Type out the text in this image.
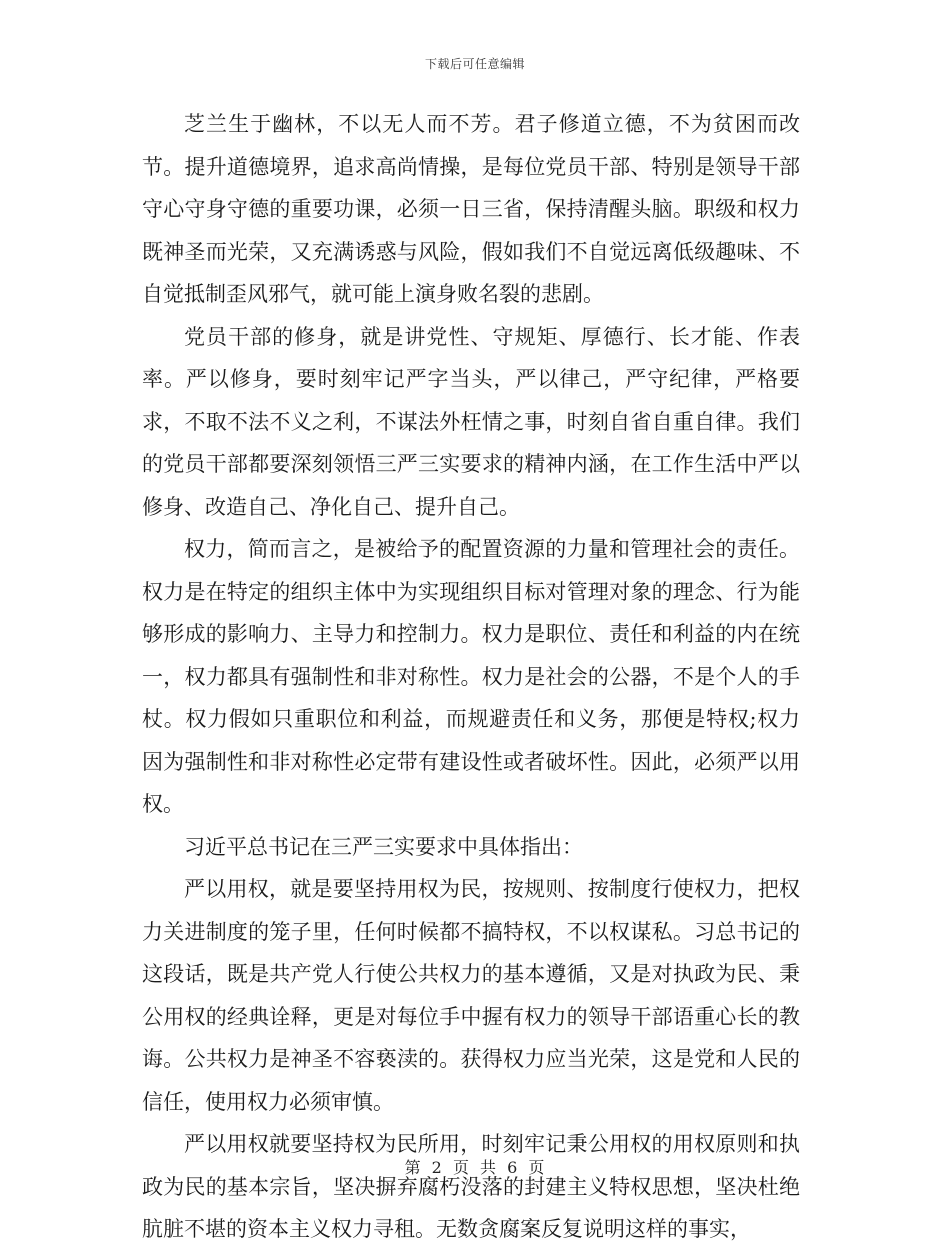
下载后可任意编辑

芝兰生于幽林，不以无人而不芳。君子修道立德，不为贫困而改节。提升道德境界，追求高尚情操，是每位党员干部、特别是领导干部守心守身守德的重要功课，必须一日三省，保持清醒头脑。职级和权力既神圣而光荣，又充满诱惑与风险，假如我们不自觉远离低级趣味、不自觉抵制歪风邪气，就可能上演身败名裂的悲剧。

党员干部的修身，就是讲党性、守规矩、厚德行、长才能、作表率。严以修身，要时刻牢记严字当头，严以律己，严守纪律，严格要求，不取不法不义之利，不谋法外枉情之事，时刻自省自重自律。我们的党员干部都要深刻领悟三严三实要求的精神内涵，在工作生活中严以修身、改造自己、净化自己、提升自己。

权力，简而言之，是被给予的配置资源的力量和管理社会的责任。权力是在特定的组织主体中为实现组织目标对管理对象的理念、行为能够形成的影响力、主导力和控制力。权力是职位、责任和利益的内在统一，权力都具有强制性和非对称性。权力是社会的公器，不是个人的手杖。权力假如只重职位和利益，而规避责任和义务，那便是特权;权力因为强制性和非对称性必定带有建设性或者破坏性。因此，必须严以用权。

习近平总书记在三严三实要求中具体指出：

严以用权，就是要坚持用权为民，按规则、按制度行使权力，把权力关进制度的笼子里，任何时候都不搞特权，不以权谋私。习总书记的这段话，既是共产党人行使公共权力的基本遵循，又是对执政为民、秉公用权的经典诠释，更是对每位手中握有权力的领导干部语重心长的教诲。公共权力是神圣不容亵渎的。获得权力应当光荣，这是党和人民的信任，使用权力必须审慎。

严以用权就要坚持权为民所用，时刻牢记秉公用权的用权原则和执政为民的基本宗旨，坚决摒弃腐朽没落的封建主义特权思想，坚决杜绝肮脏不堪的资本主义权力寻租。无数贪腐案反复说明这样的事实，

第 2 页 共 6 页
